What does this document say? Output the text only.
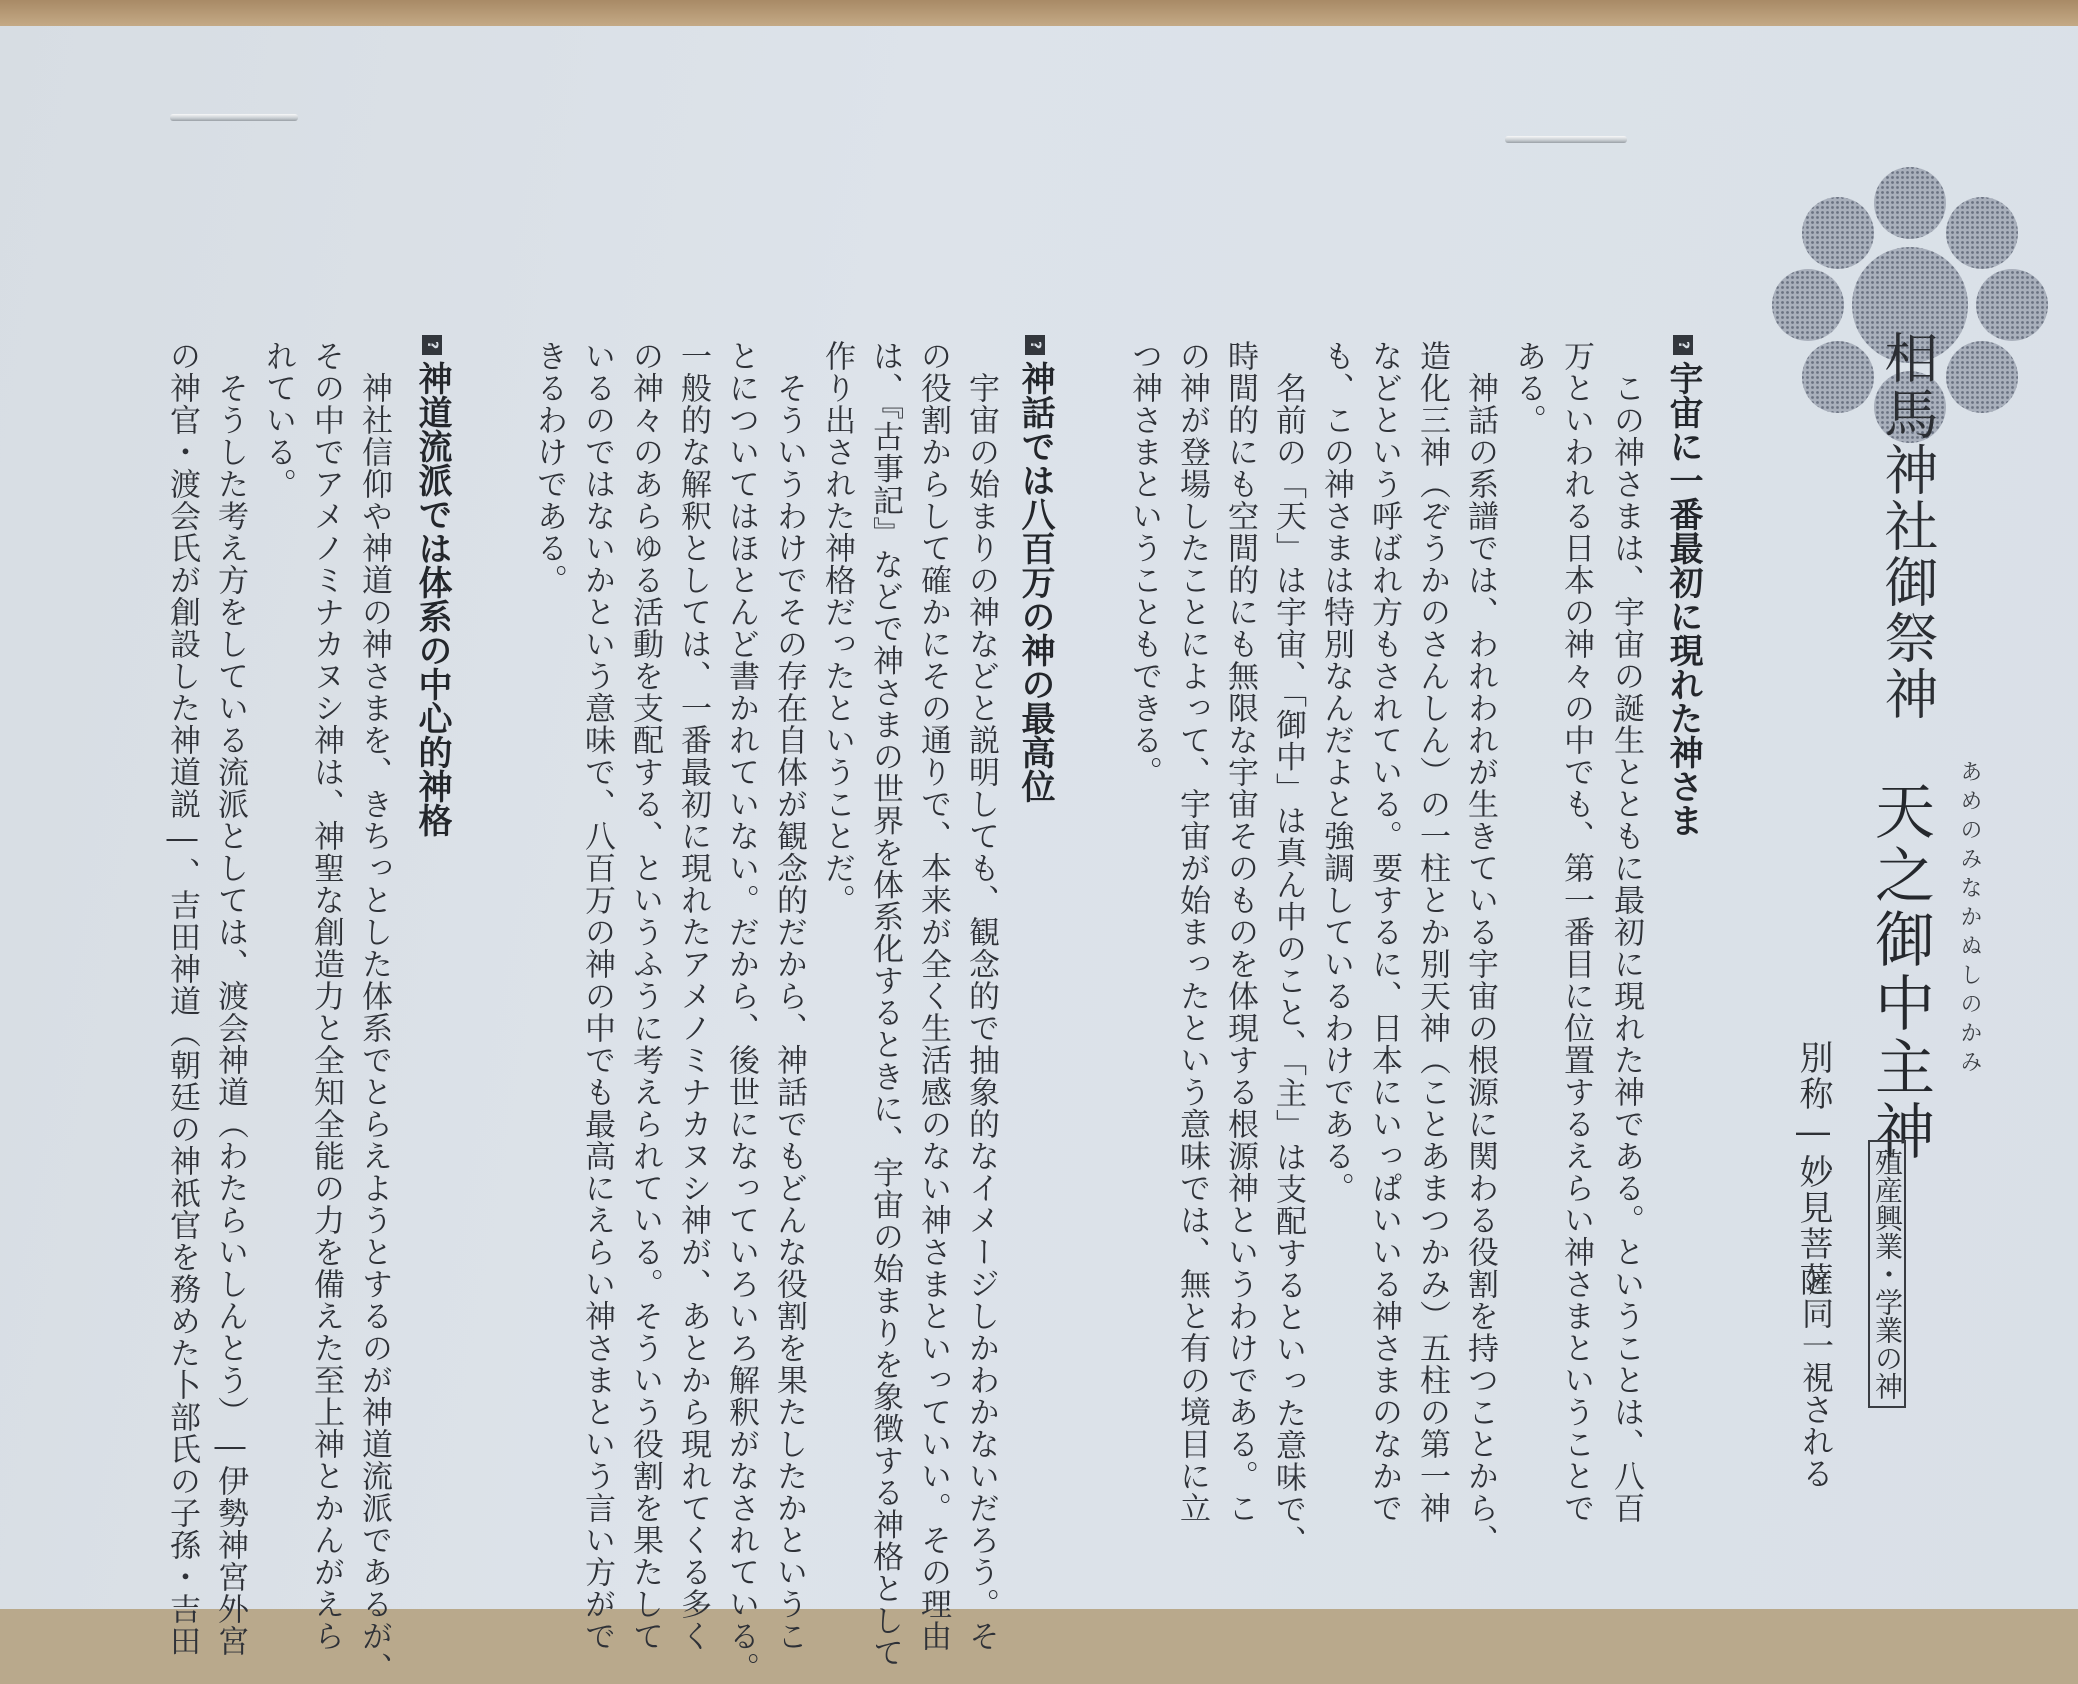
相馬神社御祭神
あめのみなかぬしのかみ
天之御中主神
別称―妙見菩薩 殖産興業・学業の神
と同一視される
?宇宙に一番最初に現れた神さま
この神さまは、宇宙の誕生とともに最初に現れた神である。ということは、八百
万といわれる日本の神々の中でも、第一番目に位置するえらい神さまということで
ある。
神話の系譜では、われわれが生きている宇宙の根源に関わる役割を持つことから、
造化三神（ぞうかのさんしん）の一柱とか別天神（ことあまつかみ）五柱の第一神
などという呼ばれ方もされている。要するに、日本にいっぱいいる神さまのなかで
も、この神さまは特別なんだよと強調しているわけである。
名前の「天」は宇宙、「御中」は真ん中のこと、「主」は支配するといった意味で、
時間的にも空間的にも無限な宇宙そのものを体現する根源神というわけである。こ
の神が登場したことによって、宇宙が始まったという意味では、無と有の境目に立
つ神さまということもできる。
?神話では八百万の神の最高位
宇宙の始まりの神などと説明しても、観念的で抽象的なイメージしかわかないだろう。そ
の役割からして確かにその通りで、本来が全く生活感のない神さまといっていい。その理由
は、『古事記』などで神さまの世界を体系化するときに、宇宙の始まりを象徴する神格として
作り出された神格だったということだ。
そういうわけでその存在自体が観念的だから、神話でもどんな役割を果たしたかというこ
とについてはほとんど書かれていない。だから、後世になっていろいろ解釈がなされている。
一般的な解釈としては、一番最初に現れたアメノミナカヌシ神が、あとから現れてくる多く
の神々のあらゆる活動を支配する、というふうに考えられている。そういう役割を果たして
いるのではないかという意味で、八百万の神の中でも最高にえらい神さまという言い方がで
きるわけである。
?神道流派では体系の中心的神格
神社信仰や神道の神さまを、きちっとした体系でとらえようとするのが神道流派であるが、
その中でアメノミナカヌシ神は、神聖な創造力と全知全能の力を備えた至上神とかんがえら
れている。
そうした考え方をしている流派としては、渡会神道（わたらいしんとう）―伊勢神宮外宮
の神官・渡会氏が創設した神道説―、吉田神道（朝廷の神祇官を務めた卜部氏の子孫・吉田
